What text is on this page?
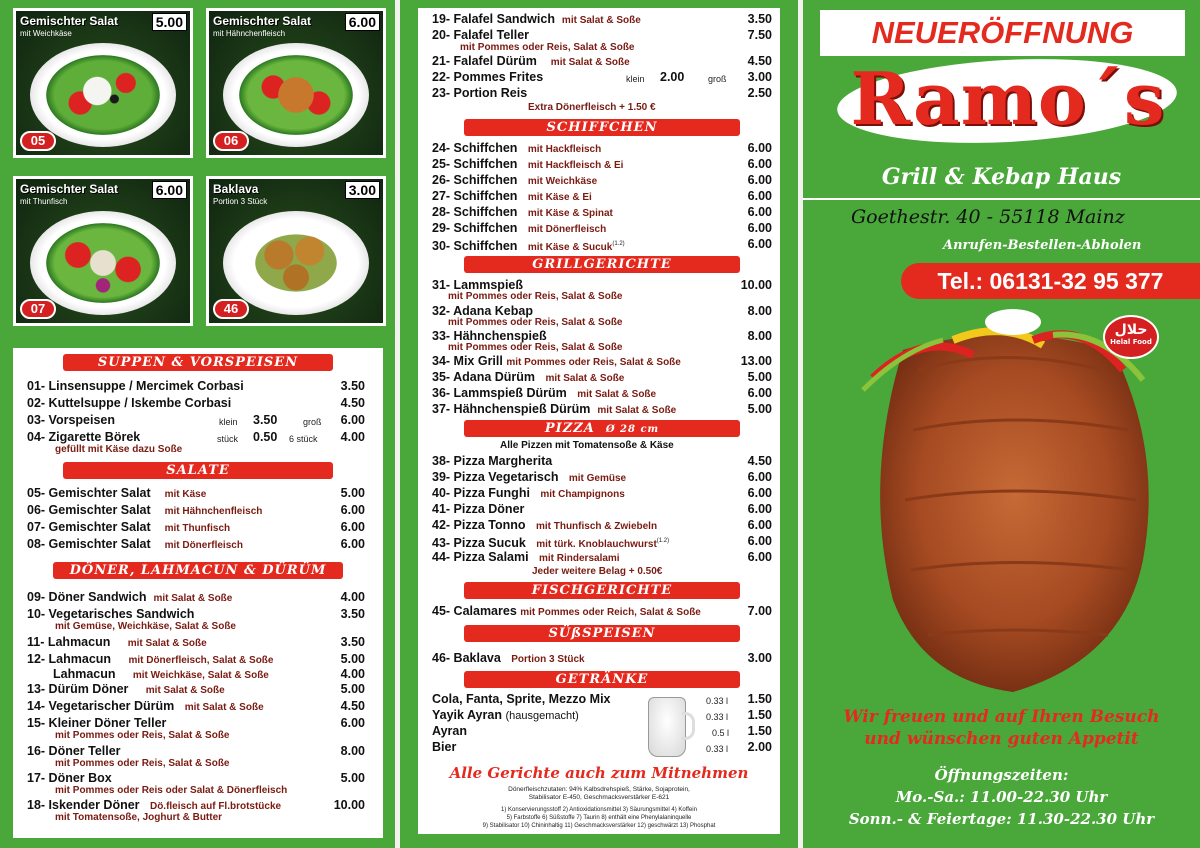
Gemischter Salat
mit Weichkäse
5.00
05
Gemischter Salat
mit Hähnchenfleisch
6.00
06
Gemischter Salat
mit Thunfisch
6.00
07
Baklava
Portion 3 Stück
3.00
46
SUPPEN & VORSPEISEN
01- Linsensuppe / Mercimek Corbasi	3.50
02- Kuttelsuppe / Iskembe Corbasi	4.50
03- Vorspeisen	klein 3.50	groß	6.00
04- Zigarette Börek	stück 0.50 6 stück	4.00
gefüllt mit Käse dazu Soße
SALATE
05- Gemischter Salat mit Käse	5.00
06- Gemischter Salat mit Hähnchenfleisch	6.00
07- Gemischter Salat mit Thunfisch	6.00
08- Gemischter Salat mit Dönerfleisch	6.00
DÖNER, LAHMACUN & DÜRÜM
09- Döner Sandwich mit Salat & Soße	4.00
10- Vegetarisches Sandwich	3.50
mit Gemüse, Weichkäse, Salat & Soße
11- Lahmacun mit Salat & Soße	3.50
12- Lahmacun mit Dönerfleisch, Salat & Soße	5.00
Lahmacun mit Weichkäse, Salat & Soße	4.00
13- Dürüm Döner mit Salat & Soße	5.00
14- Vegetarischer Dürüm mit Salat & Soße	4.50
15- Kleiner Döner Teller	6.00
mit Pommes oder Reis, Salat & Soße
16- Döner Teller	8.00
mit Pommes oder Reis, Salat & Soße
17- Döner Box	5.00
mit Pommes oder Reis oder Salat & Dönerfleisch
18- Iskender Döner Dö.fleisch auf Fl.brotstücke	10.00
mit Tomatensoße, Joghurt & Butter
19- Falafel Sandwich mit Salat & Soße	3.50
20- Falafel Teller	7.50
mit Pommes oder Reis, Salat & Soße
21- Falafel Dürüm mit Salat & Soße	4.50
22- Pommes Frites	klein 2.00	groß	3.00
23- Portion Reis	2.50
Extra Dönerfleisch + 1.50 €
SCHIFFCHEN
24- Schiffchen mit Hackfleisch	6.00
25- Schiffchen mit Hackfleisch & Ei	6.00
26- Schiffchen mit Weichkäse	6.00
27- Schiffchen mit Käse & Ei	6.00
28- Schiffchen mit Käse & Spinat	6.00
29- Schiffchen mit Dönerfleisch	6.00
30- Schiffchen mit Käse & Sucuk$^{(1.2)}$	6.00
GRILLGERICHTE
31- Lammspieß	10.00
mit Pommes oder Reis, Salat & Soße
32- Adana Kebap	8.00
mit Pommes oder Reis, Salat & Soße
33- Hähnchenspieß	8.00
mit Pommes oder Reis, Salat & Soße
34- Mix Grill mit Pommes oder Reis, Salat & Soße	13.00
35- Adana Dürüm mit Salat & Soße	5.00
36- Lammspieß Dürüm mit Salat & Soße	6.00
37- Hähnchenspieß Dürüm mit Salat & Soße	5.00
PIZZA Ø 28 cm
Alle Pizzen mit Tomatensoße & Käse
38- Pizza Margherita	4.50
39- Pizza Vegetarisch mit Gemüse	6.00
40- Pizza Funghi mit Champignons	6.00
41- Pizza Döner	6.00
42- Pizza Tonno mit Thunfisch & Zwiebeln	6.00
43- Pizza Sucuk mit türk. Knoblauchwurst$^{(1.2)}$	6.00
44- Pizza Salami mit Rindersalami	6.00
Jeder weitere Belag + 0.50€
FISCHGERICHTE
45- Calamares mit Pommes oder Reich, Salat & Soße	7.00
SÜßSPEISEN
46- Baklava Portion 3 Stück	3.00
GETRÄNKE
Cola, Fanta, Sprite, Mezzo Mix	0.33 l	1.50
Yayik Ayran (hausgemacht)	0.33 l	1.50
Ayran	0.5 l	1.50
Bier	0.33 l	2.00
Alle Gerichte auch zum Mitnehmen
Dönerfleischzutaten: 94% Kalbsdrehspieß, Stärke, Sojaprotein,
Stabilisator E-450, Geschmacksverstärker E-621
1) Konservierungsstoff 2) Antioxidationsmittel 3) Säurungsmittel 4) Koffein
5) Farbstoffe 6) Süßstoffe 7) Taurin 8) enthält eine Phenylalaninquelle
9) Stabilisator 10) Chininhaltig 11) Geschmacksverstärker 12) geschwärzt 13) Phosphat
NEUERÖFFNUNG
Ramo´s
Grill & Kebap Haus
Goethestr. 40 - 55118 Mainz
Anrufen-Bestellen-Abholen
Tel.: 06131-32 95 377
حلال
Helal Food
Wir freuen und auf Ihren Besuch
und wünschen guten Appetit
Öffnungszeiten:
Mo.-Sa.: 11.00-22.30 Uhr
Sonn.- & Feiertage: 11.30-22.30 Uhr
